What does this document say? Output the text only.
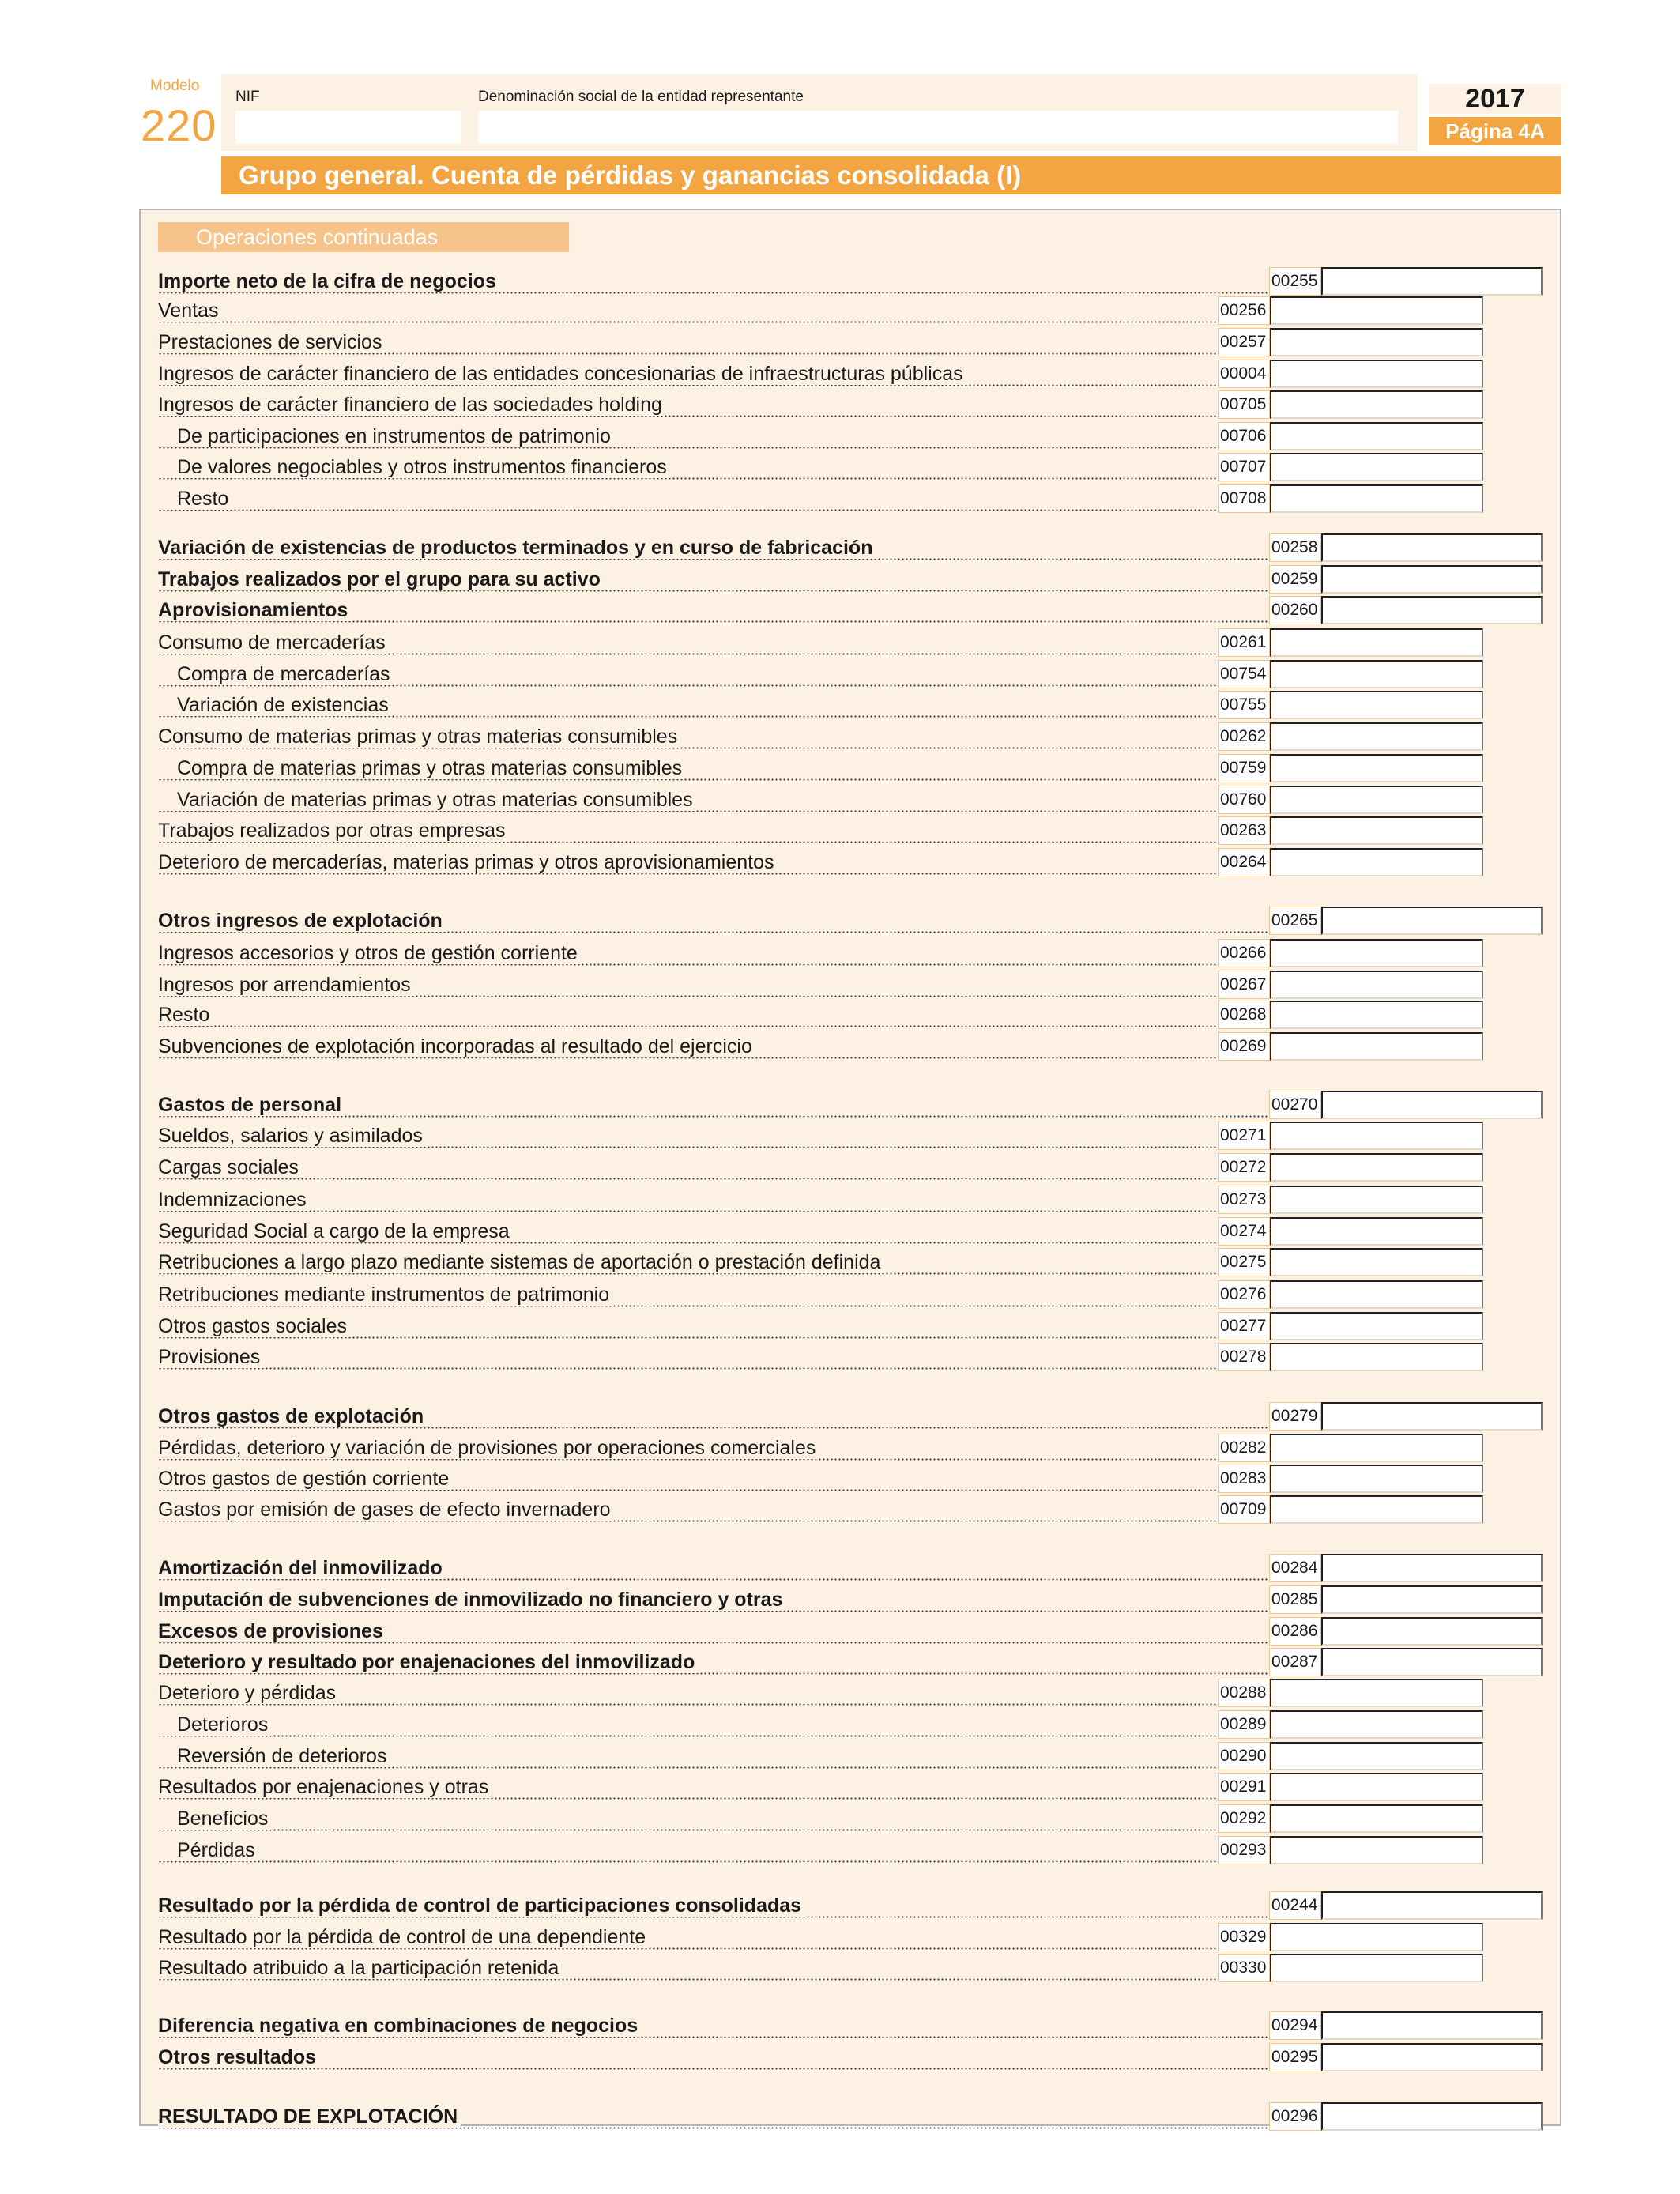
Modelo
220
NIF	Denominación social de la entidad representante	2017
Página 4A
Grupo general. Cuenta de pérdidas y ganancias consolidada (I)
Operaciones continuadas
Importe neto de la cifra de negocios	00255
Ventas	00256
Prestaciones de servicios	00257
Ingresos de carácter financiero de las entidades concesionarias de infraestructuras públicas	00004
Ingresos de carácter financiero de las sociedades holding	00705
De participaciones en instrumentos de patrimonio	00706
De valores negociables y otros instrumentos financieros	00707
Resto	00708
Variación de existencias de productos terminados y en curso de fabricación	00258
Trabajos realizados por el grupo para su activo	00259
Aprovisionamientos	00260
Consumo de mercaderías	00261
Compra de mercaderías	00754
Variación de existencias	00755
Consumo de materias primas y otras materias consumibles	00262
Compra de materias primas y otras materias consumibles	00759
Variación de materias primas y otras materias consumibles	00760
Trabajos realizados por otras empresas	00263
Deterioro de mercaderías, materias primas y otros aprovisionamientos	00264
Otros ingresos de explotación	00265
Ingresos accesorios y otros de gestión corriente	00266
Ingresos por arrendamientos	00267
Resto	00268
Subvenciones de explotación incorporadas al resultado del ejercicio	00269
Gastos de personal	00270
Sueldos, salarios y asimilados	00271
Cargas sociales	00272
Indemnizaciones	00273
Seguridad Social a cargo de la empresa	00274
Retribuciones a largo plazo mediante sistemas de aportación o prestación definida	00275
Retribuciones mediante instrumentos de patrimonio	00276
Otros gastos sociales	00277
Provisiones	00278
Otros gastos de explotación	00279
Pérdidas, deterioro y variación de provisiones por operaciones comerciales	00282
Otros gastos de gestión corriente	00283
Gastos por emisión de gases de efecto invernadero	00709
Amortización del inmovilizado	00284
Imputación de subvenciones de inmovilizado no financiero y otras	00285
Excesos de provisiones	00286
Deterioro y resultado por enajenaciones del inmovilizado	00287
Deterioro y pérdidas	00288
Deterioros	00289
Reversión de deterioros	00290
Resultados por enajenaciones y otras	00291
Beneficios	00292
Pérdidas	00293
Resultado por la pérdida de control de participaciones consolidadas	00244
Resultado por la pérdida de control de una dependiente	00329
Resultado atribuido a la participación retenida	00330
Diferencia negativa en combinaciones de negocios	00294
Otros resultados	00295
RESULTADO DE EXPLOTACIÓN	00296
